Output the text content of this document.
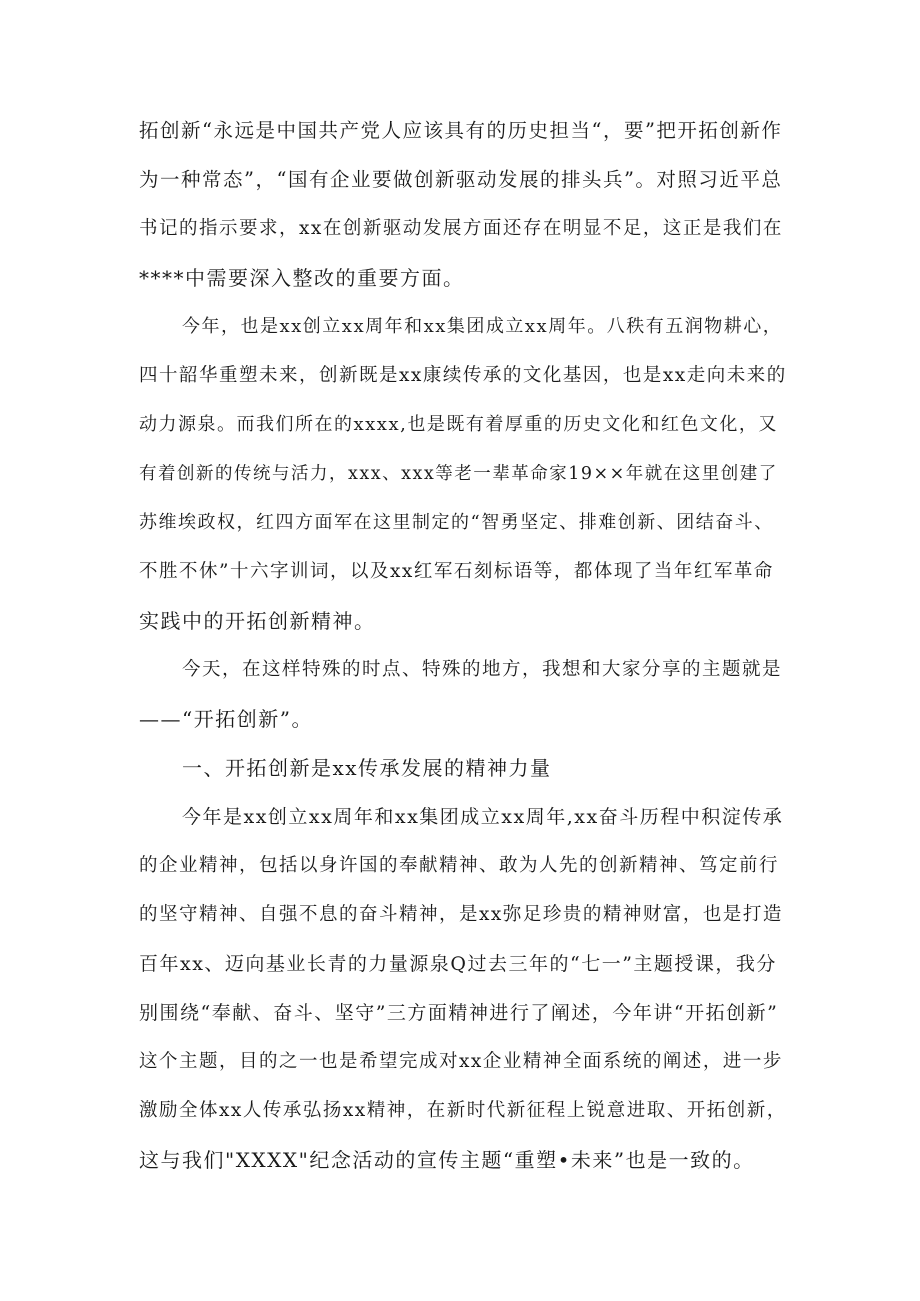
拓创新“永远是中国共产党人应该具有的历史担当“，要”把开拓创新作
为一种常态”，“国有企业要做创新驱动发展的排头兵”。对照习近平总
书记的指示要求，xx在创新驱动发展方面还存在明显不足，这正是我们在
****中需要深入整改的重要方面。
今年，也是xx创立xx周年和xx集团成立xx周年。八秩有五润物耕心，
四十韶华重塑未来，创新既是xx康续传承的文化基因，也是xx走向未来的
动力源泉。而我们所在的xxxx,也是既有着厚重的历史文化和红色文化，又
有着创新的传统与活力，xxx、xxx等老一辈革命家19××年就在这里创建了
苏维埃政权，红四方面军在这里制定的“智勇坚定、排难创新、团结奋斗、
不胜不休”十六字训词，以及xx红军石刻标语等，都体现了当年红军革命
实践中的开拓创新精神。
今天，在这样特殊的时点、特殊的地方，我想和大家分享的主题就是
——“开拓创新”。
一、开拓创新是xx传承发展的精神力量
今年是xx创立xx周年和xx集团成立xx周年,xx奋斗历程中积淀传承
的企业精神，包括以身许国的奉献精神、敢为人先的创新精神、笃定前行
的坚守精神、自强不息的奋斗精神，是xx弥足珍贵的精神财富，也是打造
百年xx、迈向基业长青的力量源泉Q过去三年的“七一”主题授课，我分
别围绕“奉献、奋斗、坚守”三方面精神进行了阐述，今年讲“开拓创新”
这个主题，目的之一也是希望完成对xx企业精神全面系统的阐述，进一步
激励全体xx人传承弘扬xx精神，在新时代新征程上锐意进取、开拓创新，
这与我们"XXXX"纪念活动的宣传主题“重塑•未来”也是一致的。
